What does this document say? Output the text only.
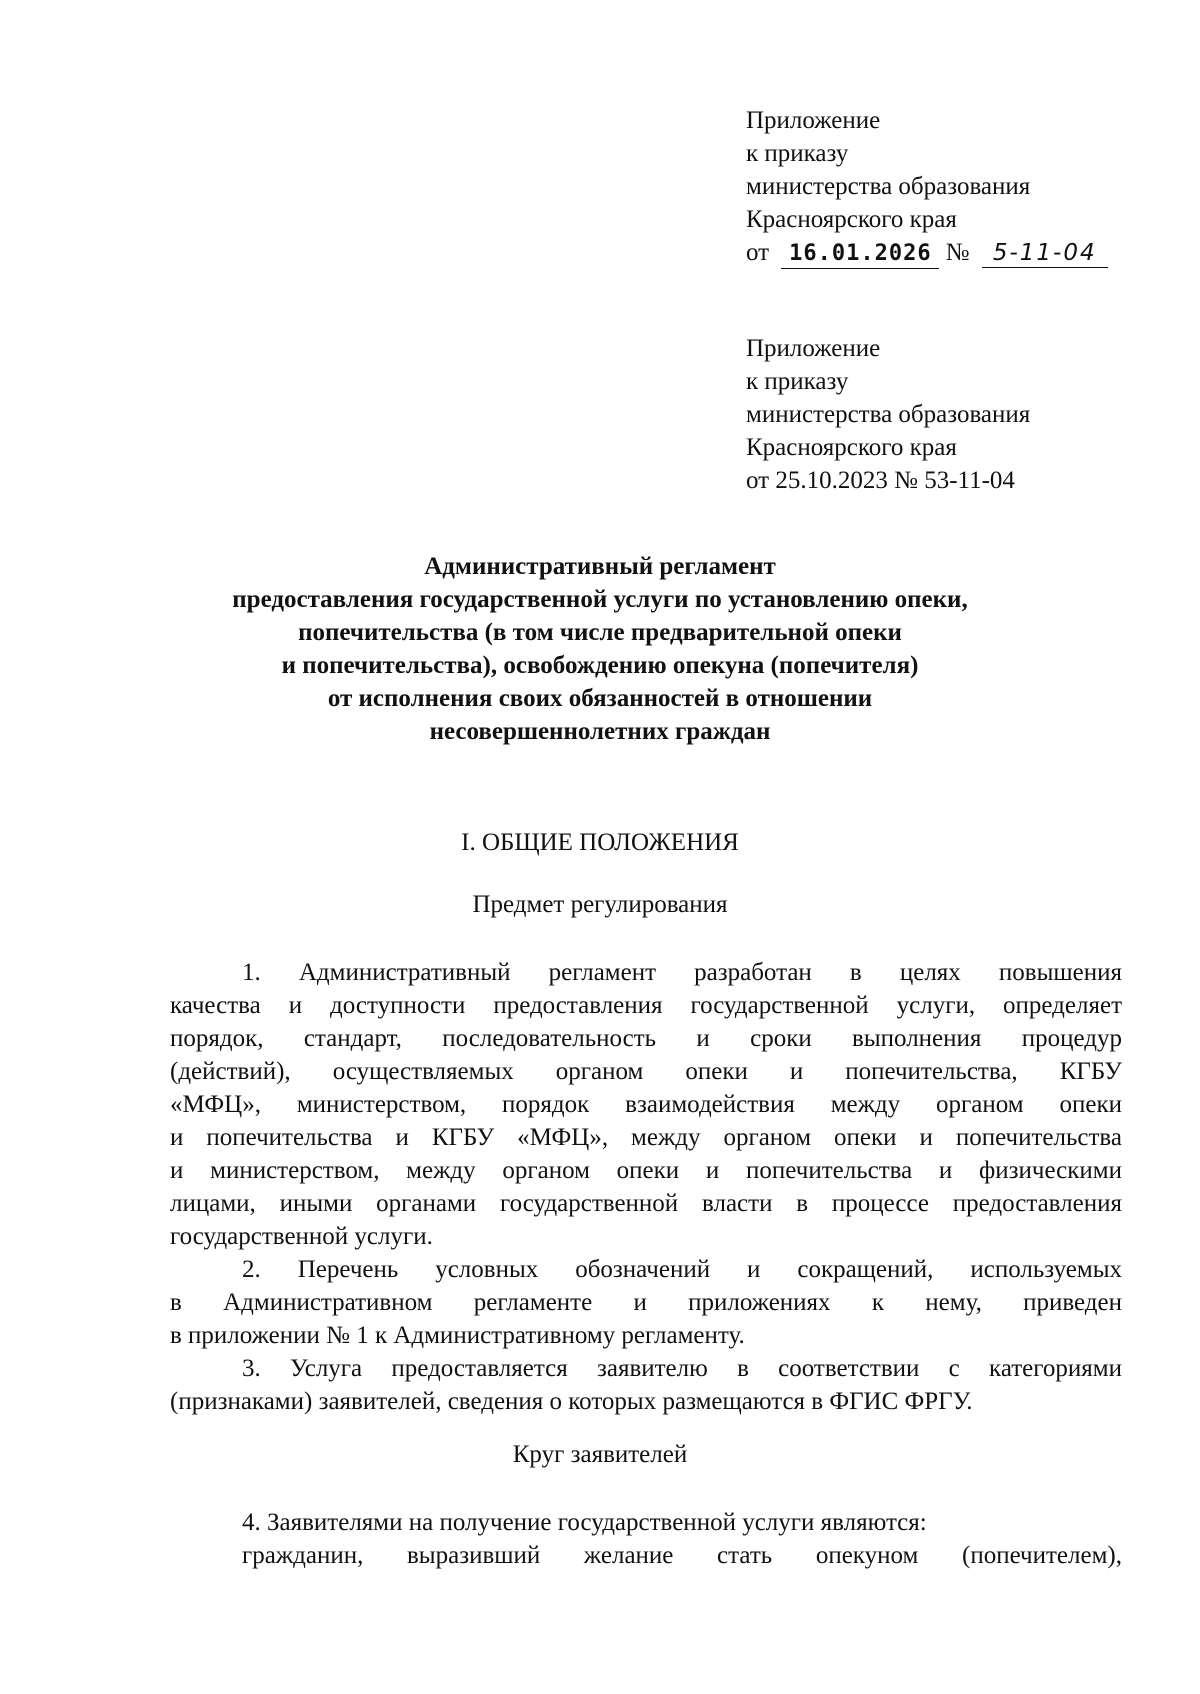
Приложение
к приказу
министерства образования
Красноярского края
от 16.01.2026 № 5-11-04
Приложение
к приказу
министерства образования
Красноярского края
от 25.10.2023 № 53-11-04
Административный регламент
предоставления государственной услуги по установлению опеки,
попечительства (в том числе предварительной опеки
и попечительства), освобождению опекуна (попечителя)
от исполнения своих обязанностей в отношении
несовершеннолетних граждан
I. ОБЩИЕ ПОЛОЖЕНИЯ
Предмет регулирования
1. Административный регламент разработан в целях повышения
качества и доступности предоставления государственной услуги, определяет
порядок, стандарт, последовательность и сроки выполнения процедур
(действий), осуществляемых органом опеки и попечительства, КГБУ
«МФЦ», министерством, порядок взаимодействия между органом опеки
и попечительства и КГБУ «МФЦ», между органом опеки и попечительства
и министерством, между органом опеки и попечительства и физическими
лицами, иными органами государственной власти в процессе предоставления
государственной услуги.
2. Перечень условных обозначений и сокращений, используемых
в Административном регламенте и приложениях к нему, приведен
в приложении № 1 к Административному регламенту.
3. Услуга предоставляется заявителю в соответствии с категориями
(признаками) заявителей, сведения о которых размещаются в ФГИС ФРГУ.
Круг заявителей
4. Заявителями на получение государственной услуги являются:
гражданин, выразивший желание стать опекуном (попечителем),
